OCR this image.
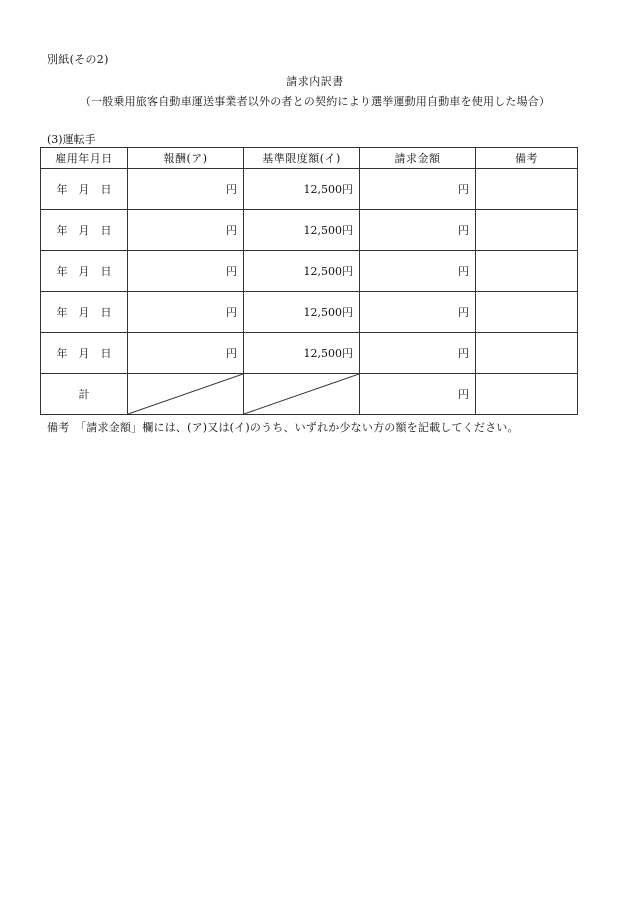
別紙(その2)
請求内訳書
（一般乗用旅客自動車運送事業者以外の者との契約により選挙運動用自動車を使用した場合）
(3)運転手
雇用年月日	報酬(ア)	基準限度額(イ)	請求金額	備考
年  月  日	円	12,500円	円	
年  月  日	円	12,500円	円	
年  月  日	円	12,500円	円	
年  月  日	円	12,500円	円	
年  月  日	円	12,500円	円	
計			円	
備考　「請求金額」欄には、(ア)又は(イ)のうち、いずれか少ない方の額を記載してください。
